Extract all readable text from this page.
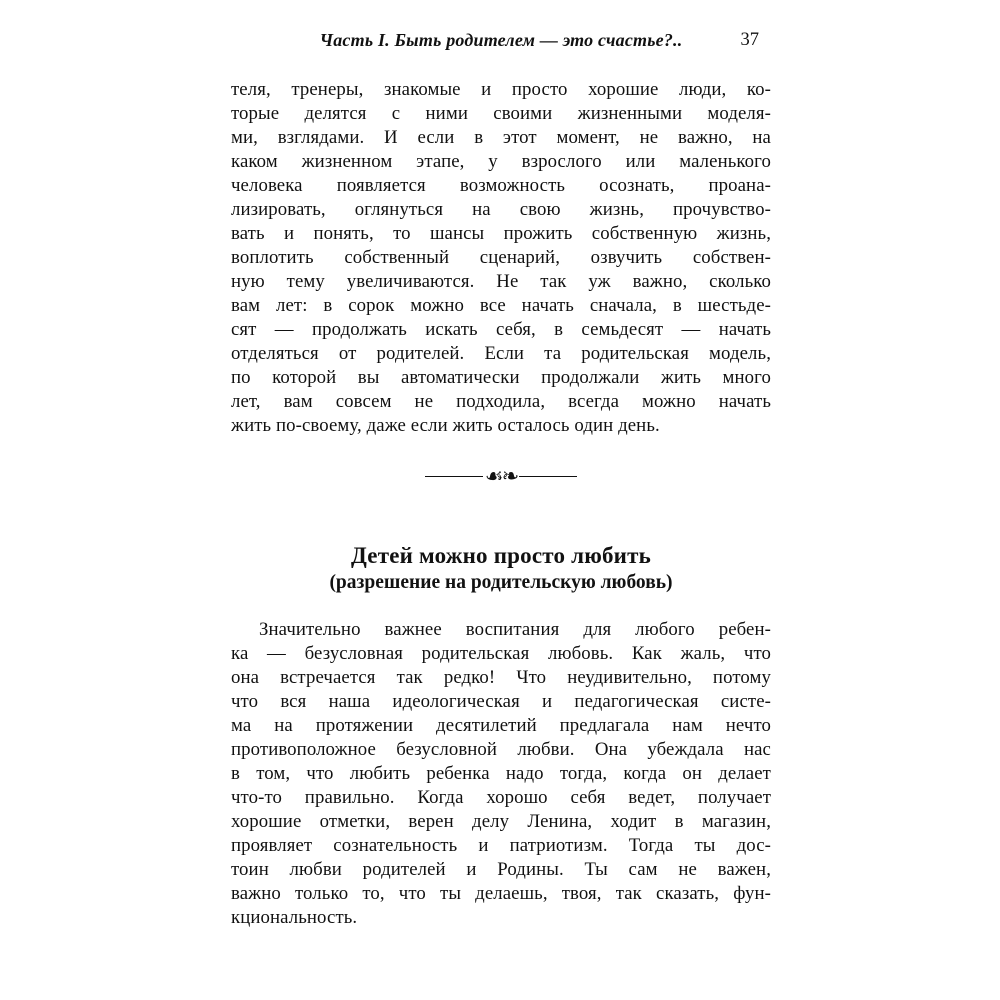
Часть I. Быть родителем — это счастье?..	37
теля, тренеры, знакомые и просто хорошие люди, ко-
торые делятся с ними своими жизненными моделя-
ми, взглядами. И если в этот момент, не важно, на
каком жизненном этапе, у взрослого или маленького
человека появляется возможность осознать, проана-
лизировать, оглянуться на свою жизнь, прочувство-
вать и понять, то шансы прожить собственную жизнь,
воплотить собственный сценарий, озвучить собствен-
ную тему увеличиваются. Не так уж важно, сколько
вам лет: в сорок можно все начать сначала, в шестьде-
сят — продолжать искать себя, в семьдесят — начать
отделяться от родителей. Если та родительская модель,
по которой вы автоматически продолжали жить много
лет, вам совсем не подходила, всегда можно начать
жить по-своему, даже если жить осталось один день.
☙❧
Детей можно просто любить
(разрешение на родительскую любовь)
Значительно важнее воспитания для любого ребен-
ка — безусловная родительская любовь. Как жаль, что
она встречается так редко! Что неудивительно, потому
что вся наша идеологическая и педагогическая систе-
ма на протяжении десятилетий предлагала нам нечто
противоположное безусловной любви. Она убеждала нас
в том, что любить ребенка надо тогда, когда он делает
что-то правильно. Когда хорошо себя ведет, получает
хорошие отметки, верен делу Ленина, ходит в магазин,
проявляет сознательность и патриотизм. Тогда ты дос-
тоин любви родителей и Родины. Ты сам не важен,
важно только то, что ты делаешь, твоя, так сказать, фун-
кциональность.
